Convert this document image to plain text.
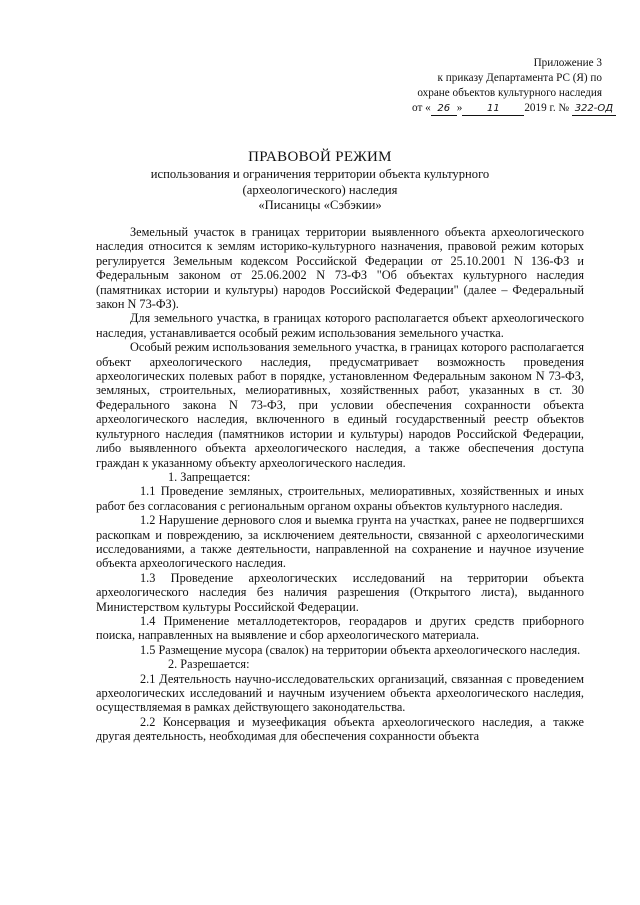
Приложение 3
к приказу Департамента РС (Я) по
охране объектов культурного наследия
от « 26 » 11 2019 г. № 322-ОД
ПРАВОВОЙ РЕЖИМ
использования и ограничения территории объекта культурного
(археологического) наследия
«Писаницы «Сэбэкии»

Земельный участок в границах территории выявленного объекта археологического наследия относится к землям историко-культурного назначения, правовой режим которых регулируется Земельным кодексом Российской Федерации от 25.10.2001 N 136-ФЗ и Федеральным законом от 25.06.2002 N 73-ФЗ "Об объектах культурного наследия (памятниках истории и культуры) народов Российской Федерации" (далее – Федеральный закон N 73-ФЗ).

Для земельного участка, в границах которого располагается объект археологического наследия, устанавливается особый режим использования земельного участка.

Особый режим использования земельного участка, в границах которого располагается объект археологического наследия, предусматривает возможность проведения археологических полевых работ в порядке, установленном Федеральным законом N 73-ФЗ, земляных, строительных, мелиоративных, хозяйственных работ, указанных в ст. 30 Федерального закона N 73-ФЗ, при условии обеспечения сохранности объекта археологического наследия, включенного в единый государственный реестр объектов культурного наследия (памятников истории и культуры) народов Российской Федерации, либо выявленного объекта археологического наследия, а также обеспечения доступа граждан к указанному объекту археологического наследия.

1. Запрещается:

1.1 Проведение земляных, строительных, мелиоративных, хозяйственных и иных работ без согласования с региональным органом охраны объектов культурного наследия.

1.2 Нарушение дернового слоя и выемка грунта на участках, ранее не подвергшихся раскопкам и повреждению, за исключением деятельности, связанной с археологическими исследованиями, а также деятельности, направленной на сохранение и научное изучение объекта археологического наследия.

1.3 Проведение археологических исследований на территории объекта археологического наследия без наличия разрешения (Открытого листа), выданного Министерством культуры Российской Федерации.

1.4 Применение металлодетекторов, георадаров и других средств приборного поиска, направленных на выявление и сбор археологического материала.

1.5 Размещение мусора (свалок) на территории объекта археологического наследия.

2. Разрешается:

2.1 Деятельность научно-исследовательских организаций, связанная с проведением археологических исследований и научным изучением объекта археологического наследия, осуществляемая в рамках действующего законодательства.

2.2 Консервация и музеефикация объекта археологического наследия, а также другая деятельность, необходимая для обеспечения сохранности объекта
